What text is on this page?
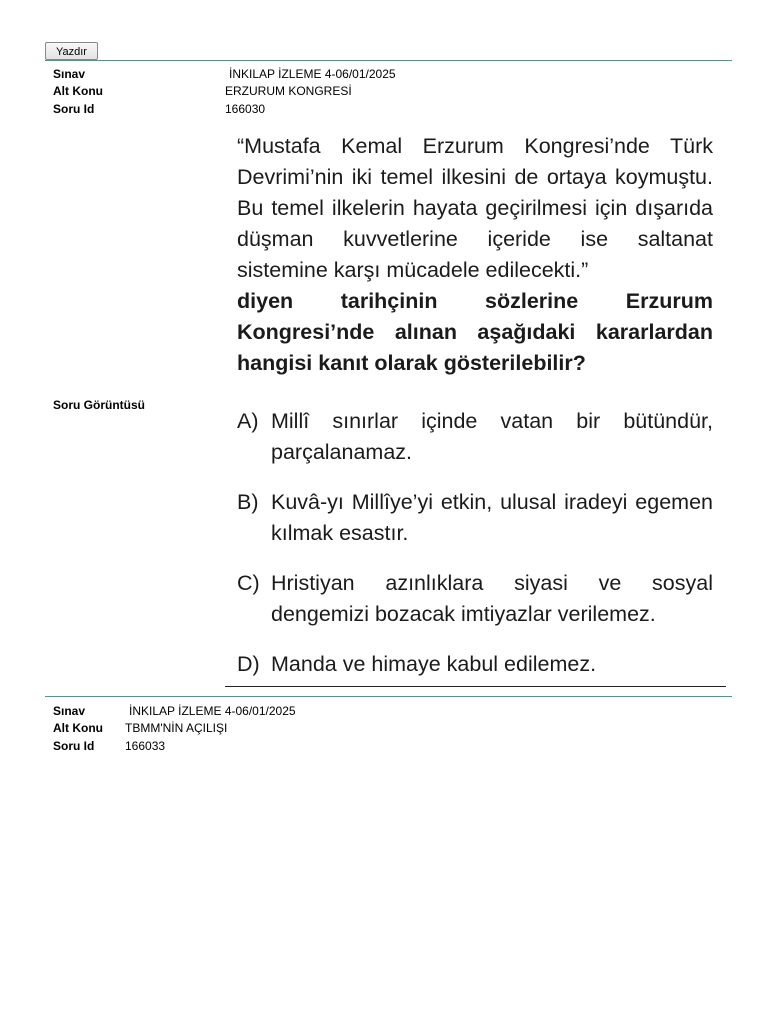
Yazdır
Sınav	İNKILAP İZLEME 4-06/01/2025
Alt Konu	ERZURUM KONGRESİ
Soru Id	166030
Soru Görüntüsü
“Mustafa Kemal Erzurum Kongresi’nde Türk Devrimi’nin iki temel ilkesini de ortaya koymuştu. Bu temel ilkelerin hayata geçirilmesi için dışarıda düşman kuvvetlerine içeride ise saltanat sistemine karşı mücadele edilecekti.”
diyen tarihçinin sözlerine Erzurum Kongresi’nde alınan aşağıdaki kararlardan hangisi kanıt olarak gösterilebilir?
A) Millî sınırlar içinde vatan bir bütündür, parçalanamaz.
B) Kuvâ-yı Millîye’yi etkin, ulusal iradeyi egemen kılmak esastır.
C) Hristiyan azınlıklara siyasi ve sosyal dengemizi bozacak imtiyazlar verilemez.
D) Manda ve himaye kabul edilemez.
Sınav	İNKILAP İZLEME 4-06/01/2025
Alt Konu TBMM'NİN AÇILIŞI
Soru Id	166033
